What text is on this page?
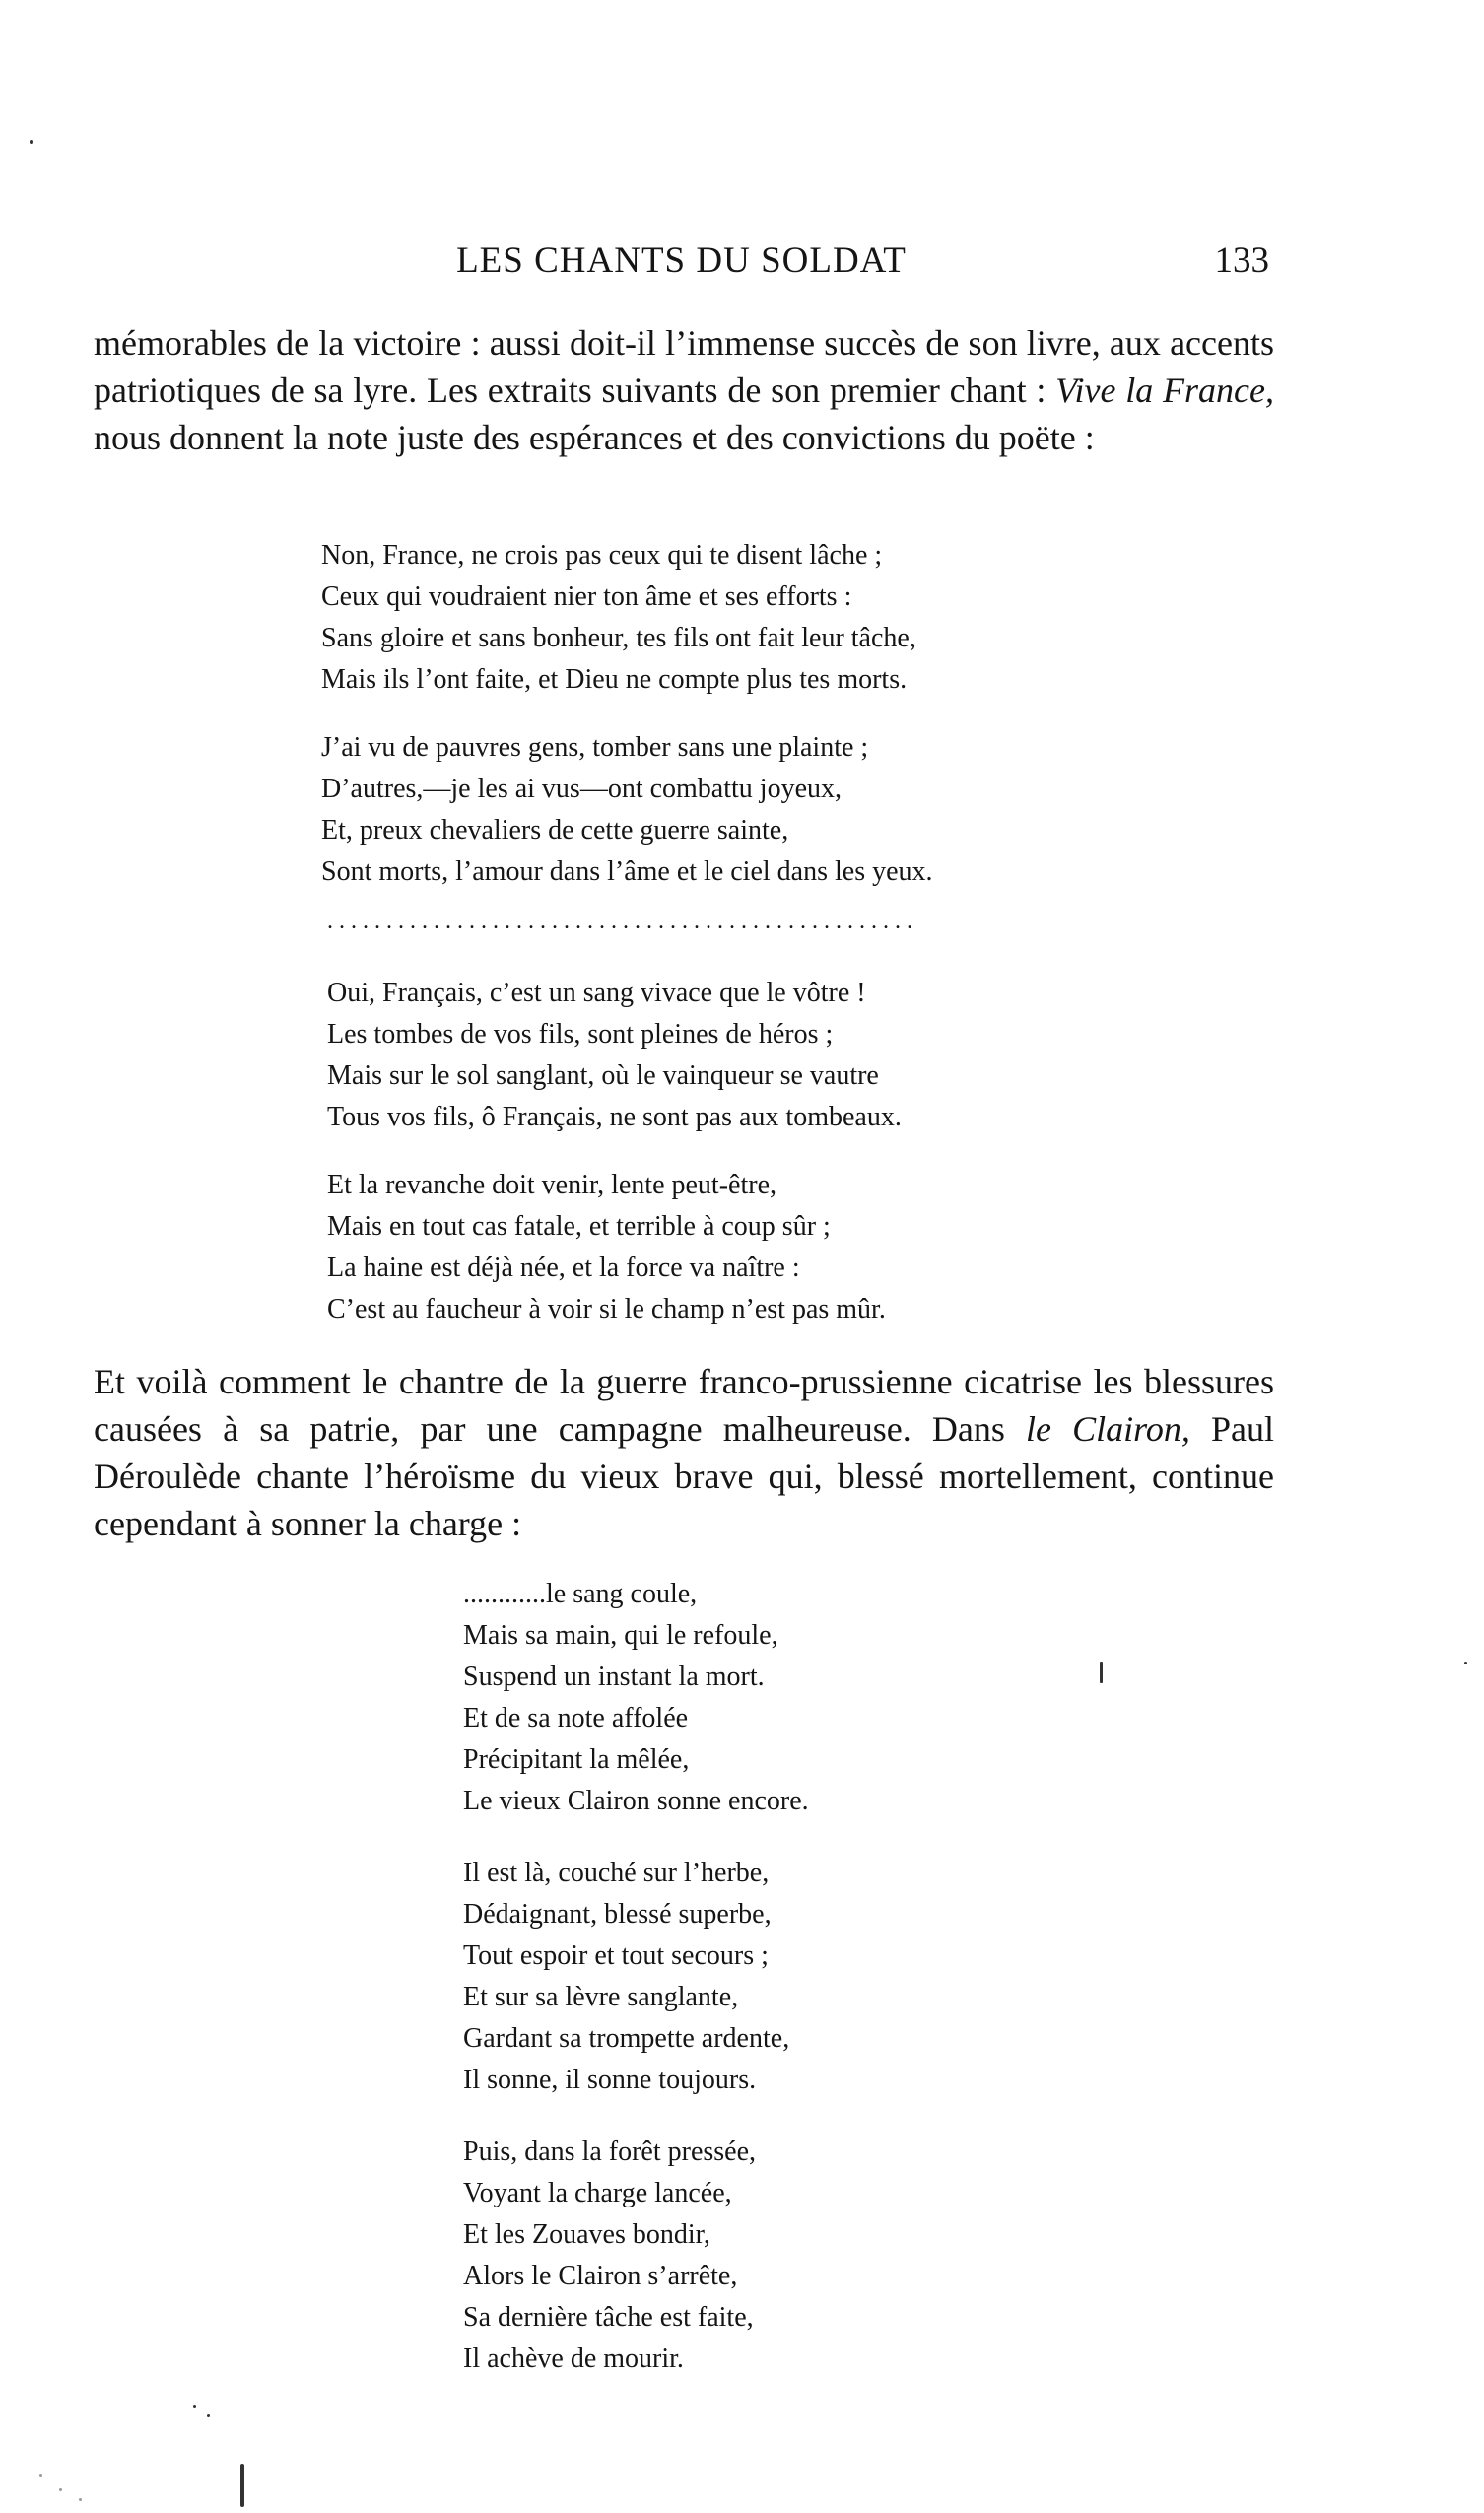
LES CHANTS DU SOLDAT	133

mémorables de la victoire : aussi doit-il l’immense succès de son livre, aux accents patriotiques de sa lyre. Les extraits suivants de son premier chant : Vive la France, nous donnent la note juste des espérances et des convictions du poëte :

Non, France, ne crois pas ceux qui te disent lâche ;
Ceux qui voudraient nier ton âme et ses efforts :
Sans gloire et sans bonheur, tes fils ont fait leur tâche,
Mais ils l’ont faite, et Dieu ne compte plus tes morts.
J’ai vu de pauvres gens, tomber sans une plainte ;
D’autres,—je les ai vus—ont combattu joyeux,
Et, preux chevaliers de cette guerre sainte,
Sont morts, l’amour dans l’âme et le ciel dans les yeux.
..................................................
Oui, Français, c’est un sang vivace que le vôtre !
Les tombes de vos fils, sont pleines de héros ;
Mais sur le sol sanglant, où le vainqueur se vautre
Tous vos fils, ô Français, ne sont pas aux tombeaux.
Et la revanche doit venir, lente peut-être,
Mais en tout cas fatale, et terrible à coup sûr ;
La haine est déjà née, et la force va naître :
C’est au faucheur à voir si le champ n’est pas mûr.

Et voilà comment le chantre de la guerre franco-prussienne cicatrise les blessures causées à sa patrie, par une campagne malheureuse. Dans le Clairon, Paul Déroulède chante l’héroïsme du vieux brave qui, blessé mortellement, continue cependant à sonner la charge :

............le sang coule,
Mais sa main, qui le refoule,
Suspend un instant la mort.
Et de sa note affolée
Précipitant la mêlée,
Le vieux Clairon sonne encore.
Il est là, couché sur l’herbe,
Dédaignant, blessé superbe,
Tout espoir et tout secours ;
Et sur sa lèvre sanglante,
Gardant sa trompette ardente,
Il sonne, il sonne toujours.
Puis, dans la forêt pressée,
Voyant la charge lancée,
Et les Zouaves bondir,
Alors le Clairon s’arrête,
Sa dernière tâche est faite,
Il achève de mourir.
